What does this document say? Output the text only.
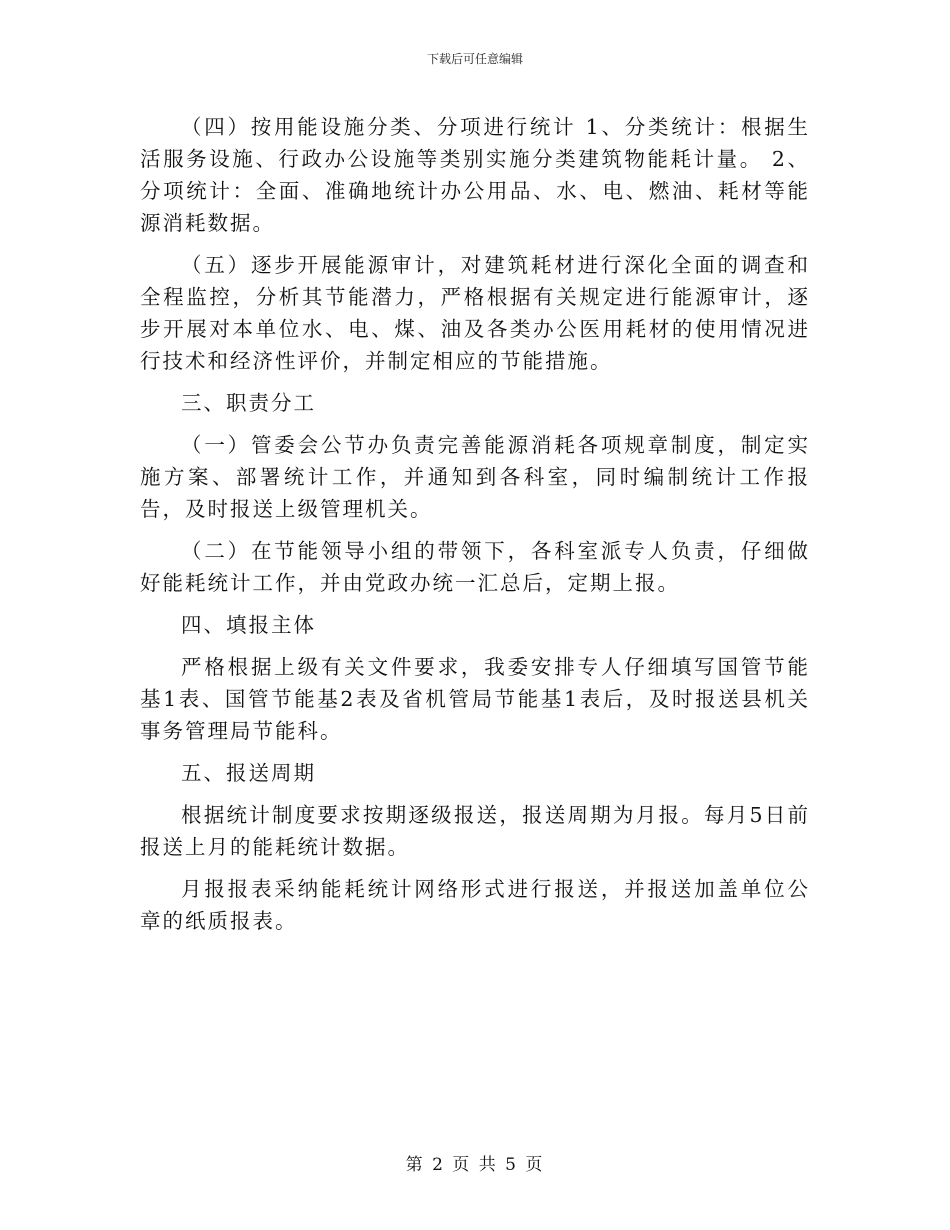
下载后可任意编辑

（四）按用能设施分类、分项进行统计 1、分类统计：根据生活服务设施、行政办公设施等类别实施分类建筑物能耗计量。 2、分项统计：全面、准确地统计办公用品、水、电、燃油、耗材等能源消耗数据。

（五）逐步开展能源审计，对建筑耗材进行深化全面的调查和全程监控，分析其节能潜力，严格根据有关规定进行能源审计，逐步开展对本单位水、电、煤、油及各类办公医用耗材的使用情况进行技术和经济性评价，并制定相应的节能措施。

三、职责分工

（一）管委会公节办负责完善能源消耗各项规章制度，制定实施方案、部署统计工作，并通知到各科室，同时编制统计工作报告，及时报送上级管理机关。

（二）在节能领导小组的带领下，各科室派专人负责，仔细做好能耗统计工作，并由党政办统一汇总后，定期上报。

四、填报主体

严格根据上级有关文件要求，我委安排专人仔细填写国管节能基1表、国管节能基2表及省机管局节能基1表后，及时报送县机关事务管理局节能科。

五、报送周期

根据统计制度要求按期逐级报送，报送周期为月报。每月5日前报送上月的能耗统计数据。

月报报表采纳能耗统计网络形式进行报送，并报送加盖单位公章的纸质报表。

第 2 页 共 5 页
